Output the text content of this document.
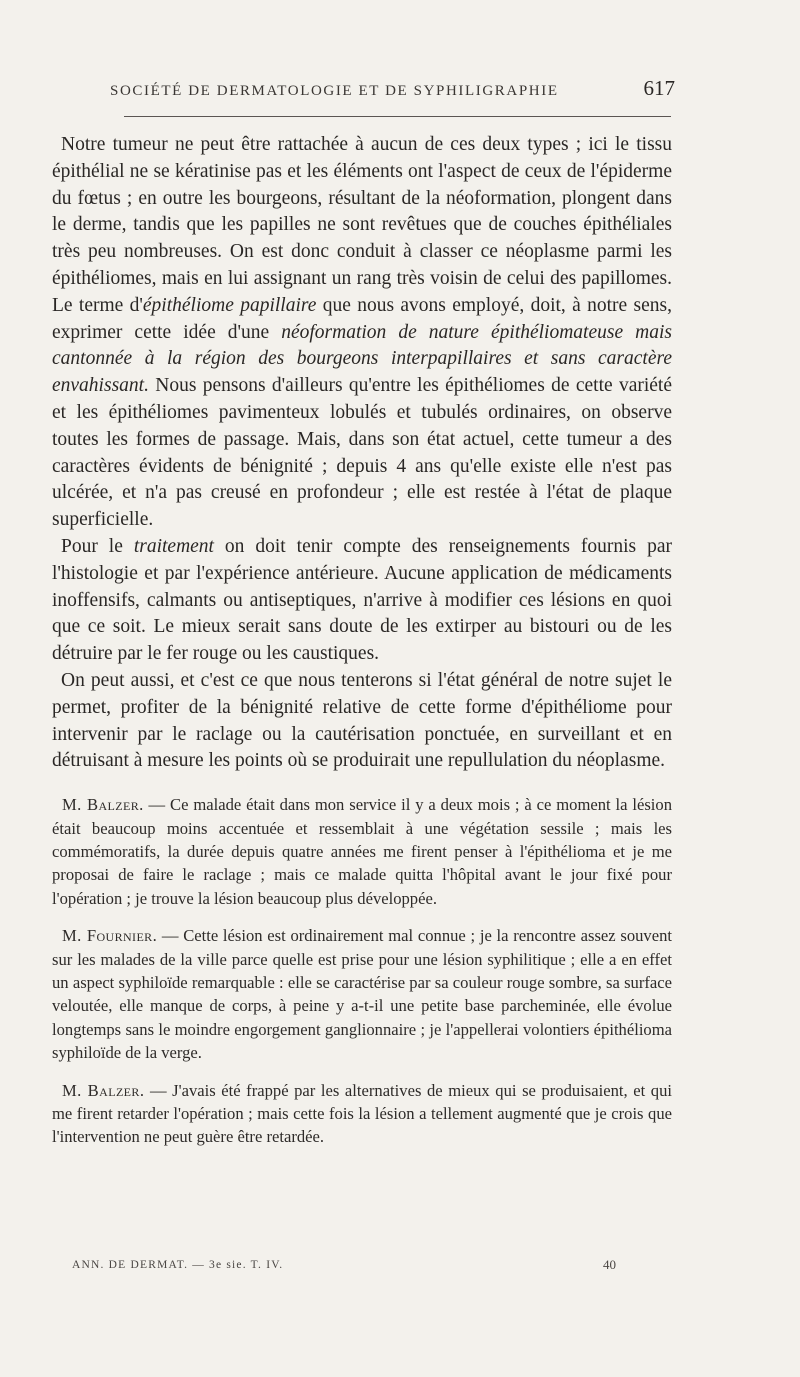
SOCIÉTÉ DE DERMATOLOGIE ET DE SYPHILIGRAPHIE	617

Notre tumeur ne peut être rattachée à aucun de ces deux types ; ici le tissu épithélial ne se kératinise pas et les éléments ont l'aspect de ceux de l'épiderme du fœtus ; en outre les bourgeons, résultant de la néoformation, plongent dans le derme, tandis que les papilles ne sont revêtues que de couches épithéliales très peu nombreuses. On est donc conduit à classer ce néoplasme parmi les épithéliomes, mais en lui assignant un rang très voisin de celui des papillomes. Le terme d'épithéliome papillaire que nous avons employé, doit, à notre sens, exprimer cette idée d'une néoformation de nature épithéliomateuse mais cantonnée à la région des bourgeons interpapillaires et sans caractère envahissant. Nous pensons d'ailleurs qu'entre les épithéliomes de cette variété et les épithéliomes pavimenteux lobulés et tubulés ordinaires, on observe toutes les formes de passage. Mais, dans son état actuel, cette tumeur a des caractères évidents de bénignité ; depuis 4 ans qu'elle existe elle n'est pas ulcérée, et n'a pas creusé en profondeur ; elle est restée à l'état de plaque superficielle.

Pour le traitement on doit tenir compte des renseignements fournis par l'histologie et par l'expérience antérieure. Aucune application de médicaments inoffensifs, calmants ou antiseptiques, n'arrive à modifier ces lésions en quoi que ce soit. Le mieux serait sans doute de les extirper au bistouri ou de les détruire par le fer rouge ou les caustiques.

On peut aussi, et c'est ce que nous tenterons si l'état général de notre sujet le permet, profiter de la bénignité relative de cette forme d'épithéliome pour intervenir par le raclage ou la cautérisation ponctuée, en surveillant et en détruisant à mesure les points où se produirait une repullulation du néoplasme.

M. Balzer. — Ce malade était dans mon service il y a deux mois ; à ce moment la lésion était beaucoup moins accentuée et ressemblait à une végétation sessile ; mais les commémoratifs, la durée depuis quatre années me firent penser à l'épithélioma et je me proposai de faire le raclage ; mais ce malade quitta l'hôpital avant le jour fixé pour l'opération ; je trouve la lésion beaucoup plus développée.

M. Fournier. — Cette lésion est ordinairement mal connue ; je la rencontre assez souvent sur les malades de la ville parce quelle est prise pour une lésion syphilitique ; elle a en effet un aspect syphiloïde remarquable : elle se caractérise par sa couleur rouge sombre, sa surface veloutée, elle manque de corps, à peine y a-t-il une petite base parcheminée, elle évolue longtemps sans le moindre engorgement ganglionnaire ; je l'appellerai volontiers épithélioma syphiloïde de la verge.

M. Balzer. — J'avais été frappé par les alternatives de mieux qui se produisaient, et qui me firent retarder l'opération ; mais cette fois la lésion a tellement augmenté que je crois que l'intervention ne peut guère être retardée.

ANN. DE DERMAT. — 3e sie. T. IV.	40
